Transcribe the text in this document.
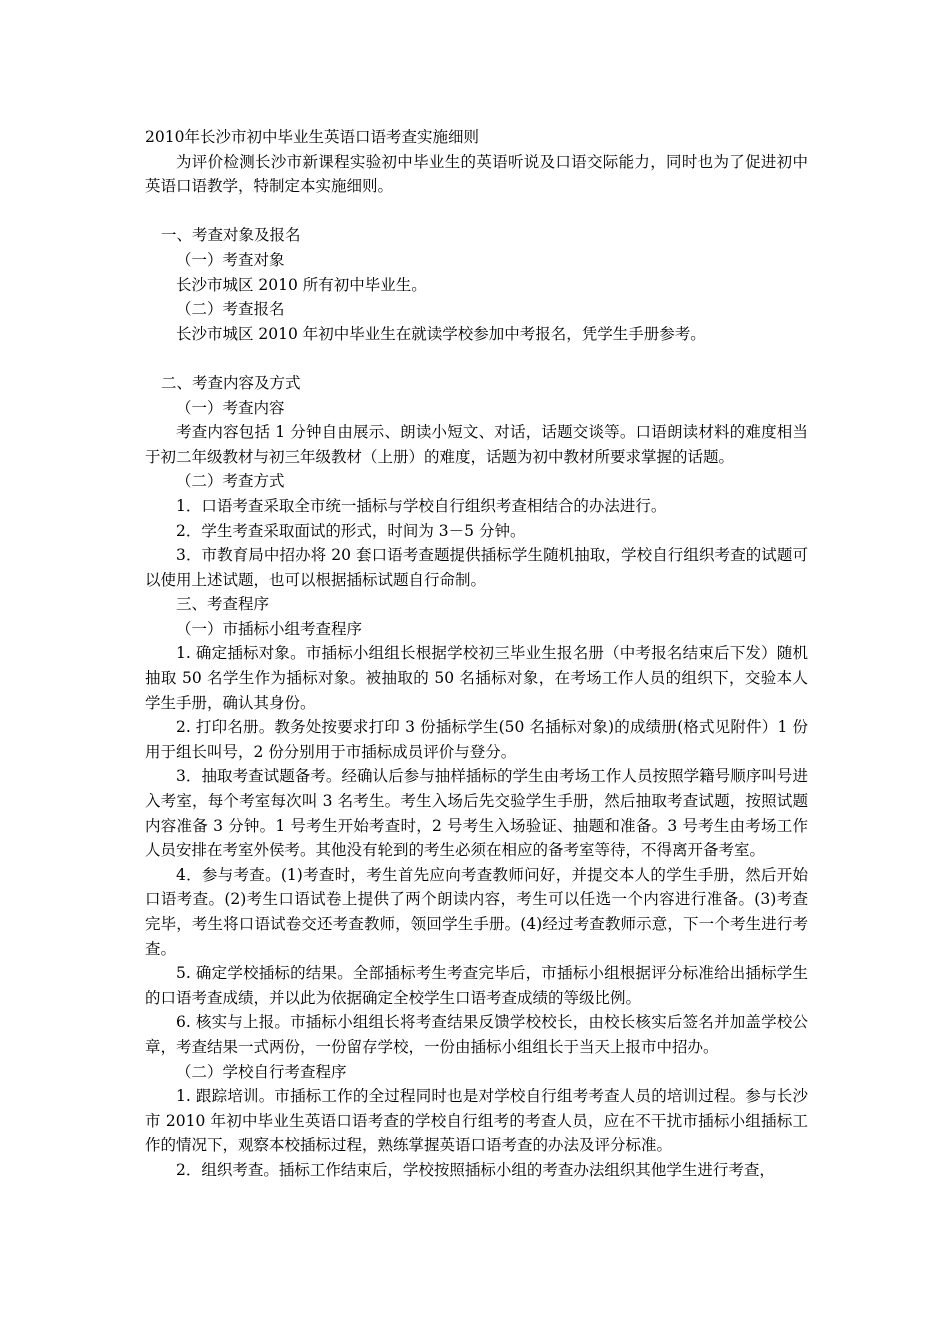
2010年长沙市初中毕业生英语口语考查实施细则

为评价检测长沙市新课程实验初中毕业生的英语听说及口语交际能力，同时也为了促进初中英语口语教学，特制定本实施细则。

一、考查对象及报名

（一）考查对象

长沙市城区 2010 所有初中毕业生。

（二）考查报名

长沙市城区 2010 年初中毕业生在就读学校参加中考报名，凭学生手册参考。

二、考查内容及方式

（一）考查内容

考查内容包括 1 分钟自由展示、朗读小短文、对话，话题交谈等。口语朗读材料的难度相当于初二年级教材与初三年级教材（上册）的难度，话题为初中教材所要求掌握的话题。

（二）考查方式

1．口语考查采取全市统一插标与学校自行组织考查相结合的办法进行。

2．学生考查采取面试的形式，时间为 3－5 分钟。

3．市教育局中招办将 20 套口语考查题提供插标学生随机抽取，学校自行组织考查的试题可以使用上述试题，也可以根据插标试题自行命制。

三、考查程序

（一）市插标小组考查程序

1. 确定插标对象。市插标小组组长根据学校初三毕业生报名册（中考报名结束后下发）随机抽取 50 名学生作为插标对象。被抽取的 50 名插标对象，在考场工作人员的组织下，交验本人学生手册，确认其身份。

2. 打印名册。教务处按要求打印 3 份插标学生(50 名插标对象)的成绩册(格式见附件）1 份用于组长叫号，2 份分别用于市插标成员评价与登分。

3．抽取考查试题备考。经确认后参与抽样插标的学生由考场工作人员按照学籍号顺序叫号进入考室，每个考室每次叫 3 名考生。考生入场后先交验学生手册，然后抽取考查试题，按照试题内容准备 3 分钟。1 号考生开始考查时，2 号考生入场验证、抽题和准备。3 号考生由考场工作人员安排在考室外侯考。其他没有轮到的考生必须在相应的备考室等待，不得离开备考室。

4．参与考查。(1)考查时，考生首先应向考查教师问好，并提交本人的学生手册，然后开始口语考查。(2)考生口语试卷上提供了两个朗读内容，考生可以任选一个内容进行准备。(3)考查完毕，考生将口语试卷交还考查教师，领回学生手册。(4)经过考查教师示意，下一个考生进行考查。

5. 确定学校插标的结果。全部插标考生考查完毕后，市插标小组根据评分标准给出插标学生的口语考查成绩，并以此为依据确定全校学生口语考查成绩的等级比例。

6. 核实与上报。市插标小组组长将考查结果反馈学校校长，由校长核实后签名并加盖学校公章，考查结果一式两份，一份留存学校，一份由插标小组组长于当天上报市中招办。

（二）学校自行考查程序

1. 跟踪培训。市插标工作的全过程同时也是对学校自行组考考查人员的培训过程。参与长沙市 2010 年初中毕业生英语口语考查的学校自行组考的考查人员，应在不干扰市插标小组插标工作的情况下，观察本校插标过程，熟练掌握英语口语考查的办法及评分标准。

2．组织考查。插标工作结束后，学校按照插标小组的考查办法组织其他学生进行考查，
